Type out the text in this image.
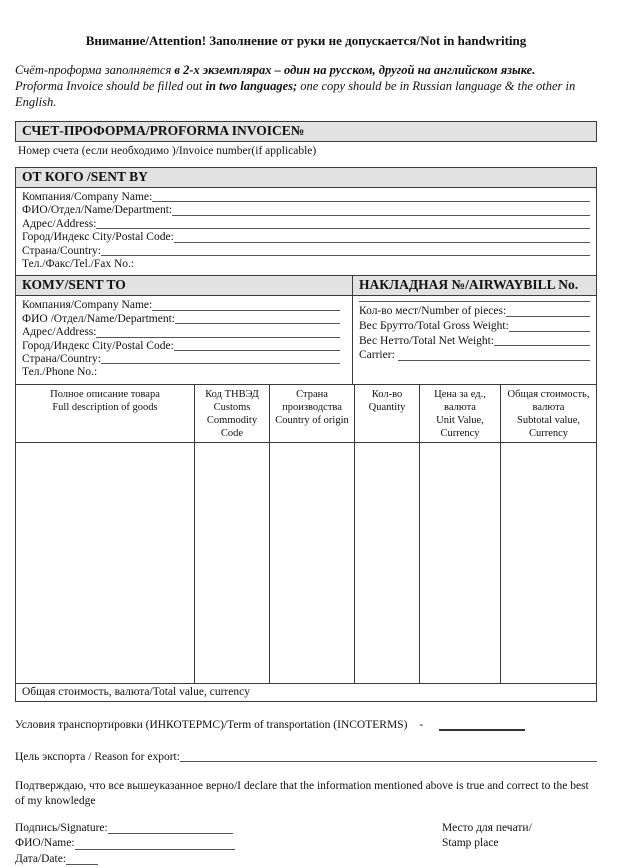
Внимание/Attention! Заполнение от руки не допускается/Not in handwriting
Счёт-проформа заполняется в 2-х экземплярах – один на русском, другой на английском языке.
Proforma Invoice should be filled out in two languages; one copy should be in Russian language & the other in English.
СЧЕТ-ПРОФОРМА/PROFORMA INVOICE№
Номер счета (если необходимо )/Invoice number(if applicable)
ОТ КОГО /SENT BY
Компания/Company Name:
ФИО/Отдел/Name/Department:
Адрес/Address:
Город/Индекс City/Postal Code:
Страна/Country:
Тел./Факс/Tel./Fax No.:
КОМУ/SENT TO
Компания/Company Name:
ФИО /Отдел/Name/Department:
Адрес/Address:
Город/Индекс City/Postal Code:
Страна/Country:
Тел./Phone No.:
НАКЛАДНАЯ №/AIRWAYBILL No.
Кол-во мест/Number of pieces:
Вес Брутто/Total Gross Weight:
Вес Нетто/Total Net Weight:
Carrier:
Полное описание товара
Full description of goods
Код ТНВЭД
Customs Commodity Code
Страна производства
Country of origin
Кол-во
Quantity
Цена за ед., валюта
Unit Value, Currency
Общая стоимость, валюта
Subtotal value, Currency
Общая стоимость, валюта/Total value, currency
Условия транспортировки (ИНКОТЕРМС)/Term of transportation (INCOTERMS) -
Цель экспорта / Reason for export:
Подтверждаю, что все вышеуказанное верно/I declare that the information mentioned above is true and correct to the best of my knowledge
Подпись/Signature:
ФИО/Name:
Дата/Date:
Место для печати/
Stamp place
